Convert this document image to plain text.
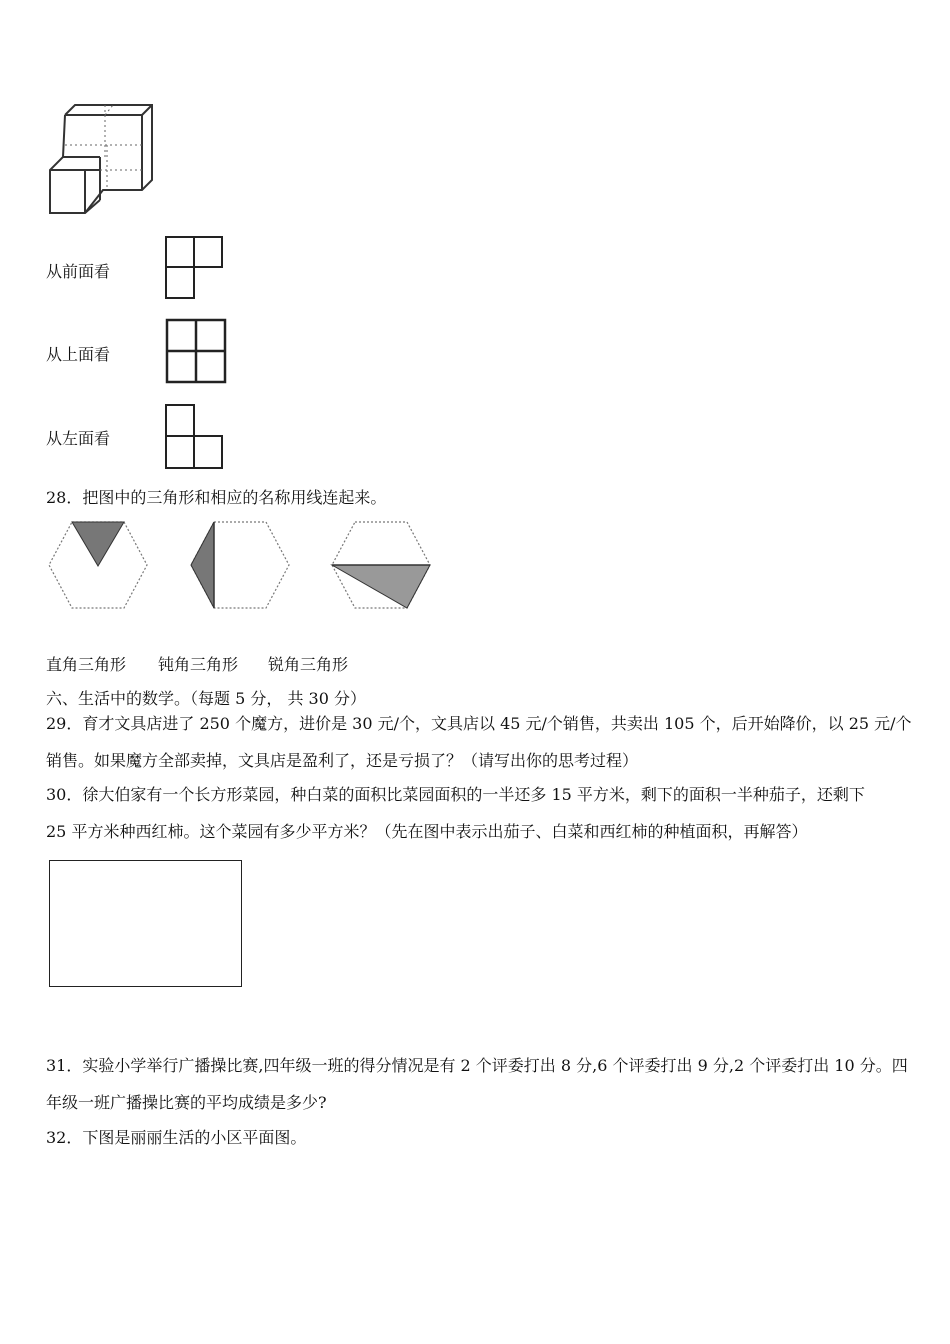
从前面看
从上面看
从左面看
28．把图中的三角形和相应的名称用线连起来。
直角三角形 钝角三角形 锐角三角形
六、生活中的数学。（每题 5 分， 共 30 分）
29．育才文具店进了 250 个魔方，进价是 30 元/个，文具店以 45 元/个销售，共卖出 105 个，后开始降价，以 25 元/个
销售。如果魔方全部卖掉，文具店是盈利了，还是亏损了？（请写出你的思考过程）
30．徐大伯家有一个长方形菜园，种白菜的面积比菜园面积的一半还多 15 平方米，剩下的面积一半种茄子，还剩下
25 平方米种西红柿。这个菜园有多少平方米？（先在图中表示出茄子、白菜和西红柿的种植面积，再解答）
31．实验小学举行广播操比赛,四年级一班的得分情况是有 2 个评委打出 8 分,6 个评委打出 9 分,2 个评委打出 10 分。四
年级一班广播操比赛的平均成绩是多少?
32．下图是丽丽生活的小区平面图。
